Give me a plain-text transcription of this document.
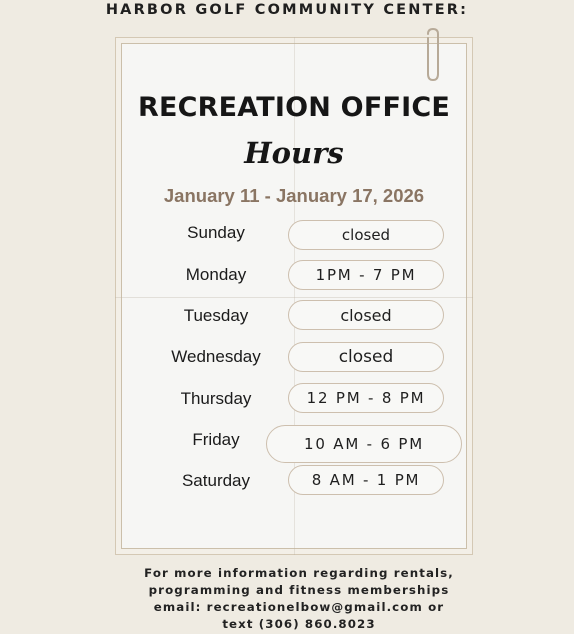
HARBOR GOLF COMMUNITY CENTER:
RECREATION OFFICE
Hours
January 11 - January 17, 2026
Sunday	closed
Monday	1PM - 7 PM
Tuesday	closed
Wednesday	closed
Thursday	12 PM - 8 PM
Friday	10 AM - 6 PM
Saturday	8 AM - 1 PM
For more information regarding rentals,
programming and fitness memberships
email: recreationelbow@gmail.com or
text (306) 860.8023
